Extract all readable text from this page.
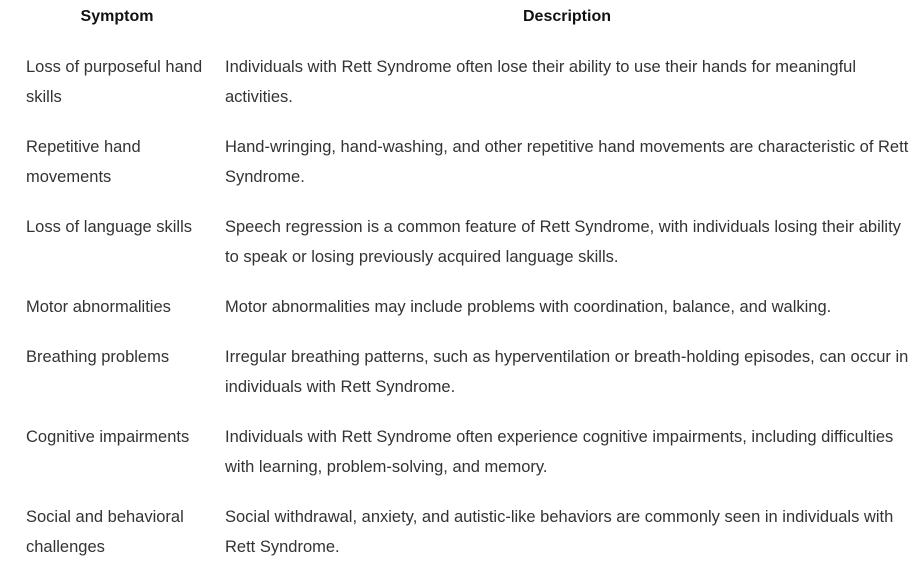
Symptom	Description
Loss of purposeful hand skills	Individuals with Rett Syndrome often lose their ability to use their hands for meaningful activities.
Repetitive hand movements	Hand-wringing, hand-washing, and other repetitive hand movements are characteristic of Rett Syndrome.
Loss of language skills	Speech regression is a common feature of Rett Syndrome, with individuals losing their ability to speak or losing previously acquired language skills.
Motor abnormalities	Motor abnormalities may include problems with coordination, balance, and walking.
Breathing problems	Irregular breathing patterns, such as hyperventilation or breath-holding episodes, can occur in individuals with Rett Syndrome.
Cognitive impairments	Individuals with Rett Syndrome often experience cognitive impairments, including difficulties with learning, problem-solving, and memory.
Social and behavioral challenges	Social withdrawal, anxiety, and autistic-like behaviors are commonly seen in individuals with Rett Syndrome.
